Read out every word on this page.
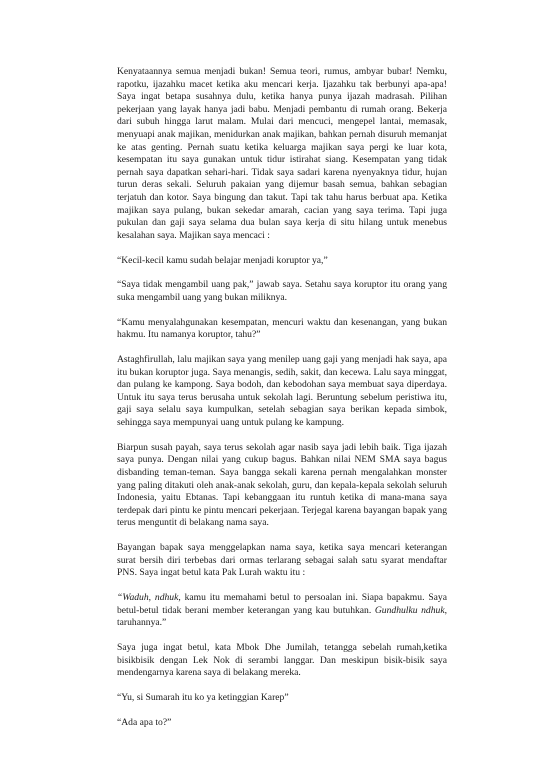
Kenyataannya semua menjadi bukan! Semua teori, rumus, ambyar bubar! Nemku, rapotku, ijazahku macet ketika aku mencari kerja. Ijazahku tak berbunyi apa-apa! Saya ingat betapa susahnya dulu, ketika hanya punya ijazah madrasah. Pilihan pekerjaan yang layak hanya jadi babu. Menjadi pembantu di rumah orang. Bekerja dari subuh hingga larut malam. Mulai dari mencuci, mengepel lantai, memasak, menyuapi anak majikan, menidurkan anak majikan, bahkan pernah disuruh memanjat ke atas genting. Pernah suatu ketika keluarga majikan saya pergi ke luar kota, kesempatan itu saya gunakan untuk tidur istirahat siang. Kesempatan yang tidak pernah saya dapatkan sehari-hari. Tidak saya sadari karena nyenyaknya tidur, hujan turun deras sekali. Seluruh pakaian yang dijemur basah semua, bahkan sebagian terjatuh dan kotor. Saya bingung dan takut. Tapi tak tahu harus berbuat apa. Ketika majikan saya pulang, bukan sekedar amarah, cacian yang saya terima. Tapi juga pukulan dan gaji saya selama dua bulan saya kerja di situ hilang untuk menebus kesalahan saya. Majikan saya mencaci :

“Kecil-kecil kamu sudah belajar menjadi koruptor ya,”

“Saya tidak mengambil uang pak,” jawab saya. Setahu saya koruptor itu orang yang suka mengambil uang yang bukan miliknya.

“Kamu menyalahgunakan kesempatan, mencuri waktu dan kesenangan, yang bukan hakmu. Itu namanya koruptor, tahu?”

Astaghfirullah, lalu majikan saya yang menilep uang gaji yang menjadi hak saya, apa itu bukan koruptor juga. Saya menangis, sedih, sakit, dan kecewa. Lalu saya minggat, dan pulang ke kampong. Saya bodoh, dan kebodohan saya membuat saya diperdaya. Untuk itu saya terus berusaha untuk sekolah lagi. Beruntung sebelum peristiwa itu, gaji saya selalu saya kumpulkan, setelah sebagian saya berikan kepada simbok, sehingga saya mempunyai uang untuk pulang ke kampung.

Biarpun susah payah, saya terus sekolah agar nasib saya jadi lebih baik. Tiga ijazah saya punya. Dengan nilai yang cukup bagus. Bahkan nilai NEM SMA saya bagus disbanding teman-teman. Saya bangga sekali karena pernah mengalahkan monster yang paling ditakuti oleh anak-anak sekolah, guru, dan kepala-kepala sekolah seluruh Indonesia, yaitu Ebtanas. Tapi kebanggaan itu runtuh ketika di mana-mana saya terdepak dari pintu ke pintu mencari pekerjaan. Terjegal karena bayangan bapak yang terus menguntit di belakang nama saya.

Bayangan bapak saya menggelapkan nama saya, ketika saya mencari keterangan surat bersih diri terbebas dari ormas terlarang sebagai salah satu syarat mendaftar PNS. Saya ingat betul kata Pak Lurah waktu itu :

“Waduh, ndhuk, kamu itu memahami betul to persoalan ini. Siapa bapakmu. Saya betul-betul tidak berani member keterangan yang kau butuhkan. Gundhulku ndhuk, taruhannya.”

Saya juga ingat betul, kata Mbok Dhe Jumilah, tetangga sebelah rumah,ketika bisikbisik dengan Lek Nok di serambi langgar. Dan meskipun bisik-bisik saya mendengarnya karena saya di belakang mereka.

“Yu, si Sumarah itu ko ya ketinggian Karep”

“Ada apa to?”
